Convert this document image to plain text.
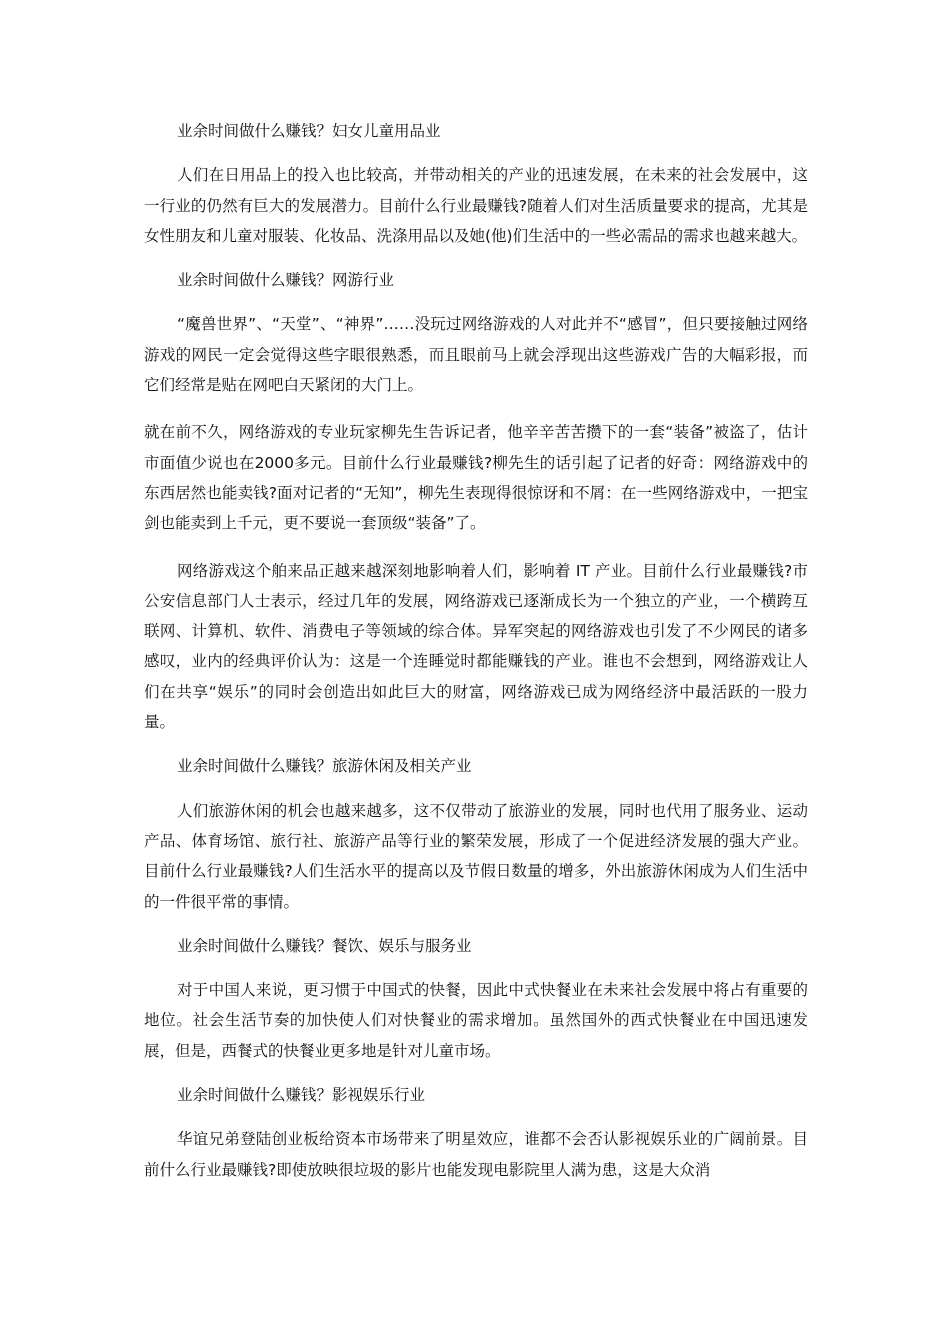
业余时间做什么赚钱？妇女儿童用品业

人们在日用品上的投入也比较高，并带动相关的产业的迅速发展，在未来的社会发展中，这一行业的仍然有巨大的发展潜力。目前什么行业最赚钱?随着人们对生活质量要求的提高，尤其是女性朋友和儿童对服装、化妆品、洗涤用品以及她(他)们生活中的一些必需品的需求也越来越大。

业余时间做什么赚钱？网游行业

“魔兽世界”、“天堂”、“神界”……没玩过网络游戏的人对此并不“感冒”，但只要接触过网络游戏的网民一定会觉得这些字眼很熟悉，而且眼前马上就会浮现出这些游戏广告的大幅彩报，而它们经常是贴在网吧白天紧闭的大门上。

就在前不久，网络游戏的专业玩家柳先生告诉记者，他辛辛苦苦攒下的一套“装备”被盗了，估计市面值少说也在2000多元。目前什么行业最赚钱?柳先生的话引起了记者的好奇：网络游戏中的东西居然也能卖钱?面对记者的“无知”，柳先生表现得很惊讶和不屑：在一些网络游戏中，一把宝剑也能卖到上千元，更不要说一套顶级“装备”了。

网络游戏这个舶来品正越来越深刻地影响着人们，影响着 IT 产业。目前什么行业最赚钱?市公安信息部门人士表示，经过几年的发展，网络游戏已逐渐成长为一个独立的产业，一个横跨互联网、计算机、软件、消费电子等领域的综合体。异军突起的网络游戏也引发了不少网民的诸多感叹，业内的经典评价认为：这是一个连睡觉时都能赚钱的产业。谁也不会想到，网络游戏让人们在共享“娱乐”的同时会创造出如此巨大的财富，网络游戏已成为网络经济中最活跃的一股力量。

业余时间做什么赚钱？旅游休闲及相关产业

人们旅游休闲的机会也越来越多，这不仅带动了旅游业的发展，同时也代用了服务业、运动产品、体育场馆、旅行社、旅游产品等行业的繁荣发展，形成了一个促进经济发展的强大产业。目前什么行业最赚钱?人们生活水平的提高以及节假日数量的增多，外出旅游休闲成为人们生活中的一件很平常的事情。

业余时间做什么赚钱？餐饮、娱乐与服务业

对于中国人来说，更习惯于中国式的快餐，因此中式快餐业在未来社会发展中将占有重要的地位。社会生活节奏的加快使人们对快餐业的需求增加。虽然国外的西式快餐业在中国迅速发展，但是，西餐式的快餐业更多地是针对儿童市场。

业余时间做什么赚钱？影视娱乐行业

华谊兄弟登陆创业板给资本市场带来了明星效应，谁都不会否认影视娱乐业的广阔前景。目前什么行业最赚钱?即使放映很垃圾的影片也能发现电影院里人满为患，这是大众消
